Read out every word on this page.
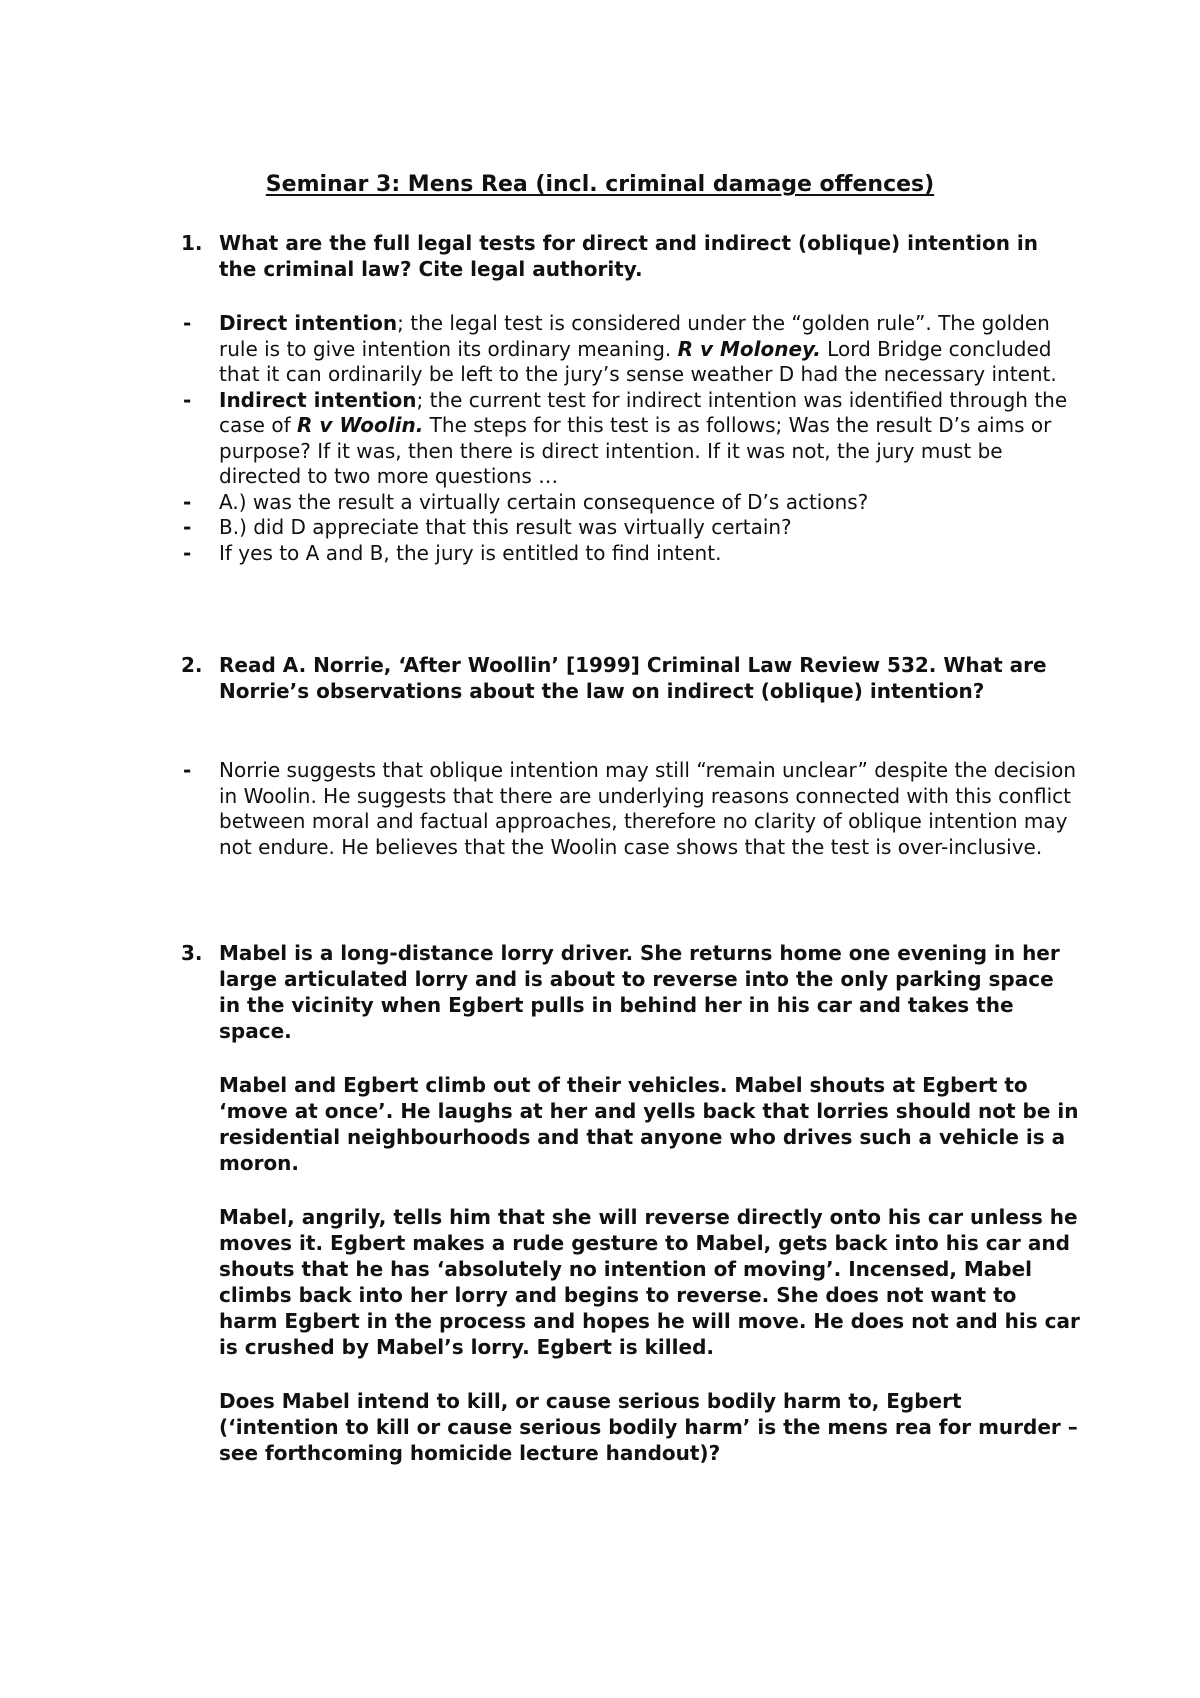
Seminar 3: Mens Rea (incl. criminal damage offences)
1. What are the full legal tests for direct and indirect (oblique) intention in the criminal law? Cite legal authority.

- Direct intention; the legal test is considered under the “golden rule”. The golden rule is to give intention its ordinary meaning. R v Moloney. Lord Bridge concluded that it can ordinarily be left to the jury’s sense weather D had the necessary intent.
- Indirect intention; the current test for indirect intention was identified through the case of R v Woolin. The steps for this test is as follows; Was the result D’s aims or purpose? If it was, then there is direct intention. If it was not, the jury must be directed to two more questions …
- A.) was the result a virtually certain consequence of D’s actions?
- B.) did D appreciate that this result was virtually certain?
- If yes to A and B, the jury is entitled to find intent.
2. Read A. Norrie, ‘After Woollin’ [1999] Criminal Law Review 532. What are Norrie’s observations about the law on indirect (oblique) intention?

- Norrie suggests that oblique intention may still “remain unclear” despite the decision in Woolin. He suggests that there are underlying reasons connected with this conflict between moral and factual approaches, therefore no clarity of oblique intention may not endure. He believes that the Woolin case shows that the test is over-inclusive.
3. Mabel is a long-distance lorry driver. She returns home one evening in her large articulated lorry and is about to reverse into the only parking space in the vicinity when Egbert pulls in behind her in his car and takes the space.

Mabel and Egbert climb out of their vehicles. Mabel shouts at Egbert to ‘move at once’. He laughs at her and yells back that lorries should not be in residential neighbourhoods and that anyone who drives such a vehicle is a moron.

Mabel, angrily, tells him that she will reverse directly onto his car unless he moves it. Egbert makes a rude gesture to Mabel, gets back into his car and shouts that he has ‘absolutely no intention of moving’. Incensed, Mabel climbs back into her lorry and begins to reverse. She does not want to harm Egbert in the process and hopes he will move. He does not and his car is crushed by Mabel’s lorry. Egbert is killed.

Does Mabel intend to kill, or cause serious bodily harm to, Egbert (‘intention to kill or cause serious bodily harm’ is the mens rea for murder – see forthcoming homicide lecture handout)?
